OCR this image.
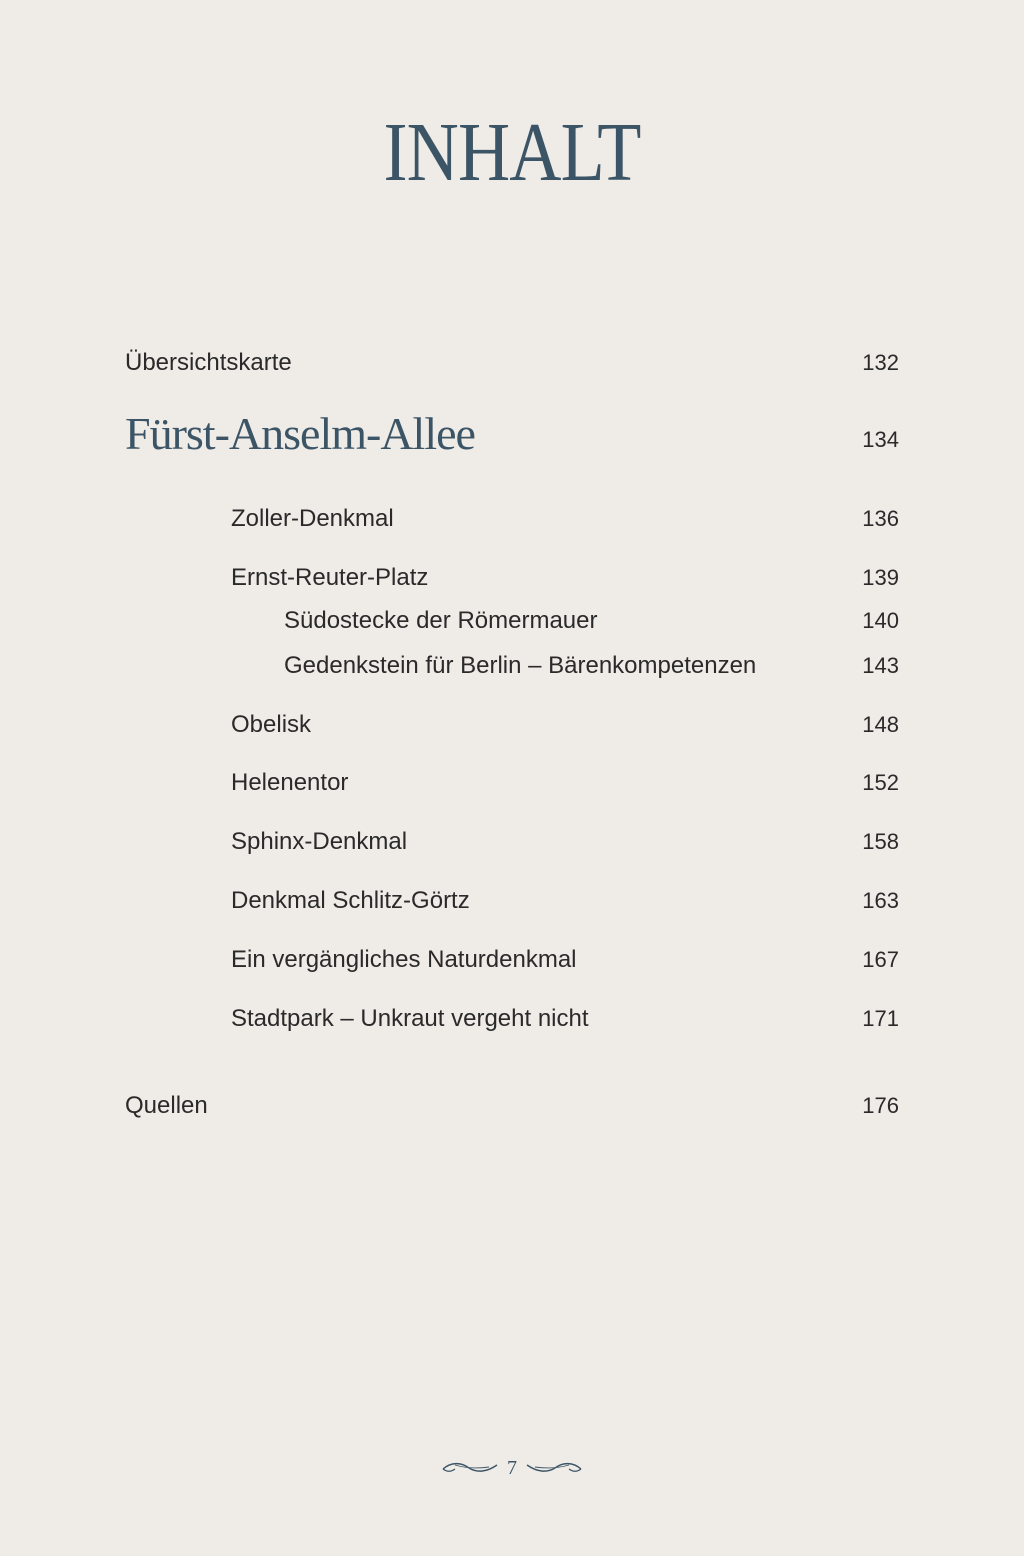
INHALT
Übersichtskarte	132
Fürst-Anselm-Allee	134
Zoller-Denkmal	136
Ernst-Reuter-Platz	139
Südostecke der Römermauer	140
Gedenkstein für Berlin – Bärenkompetenzen	143
Obelisk	148
Helenentor	152
Sphinx-Denkmal	158
Denkmal Schlitz-Görtz	163
Ein vergängliches Naturdenkmal	167
Stadtpark – Unkraut vergeht nicht	171
Quellen	176
7
